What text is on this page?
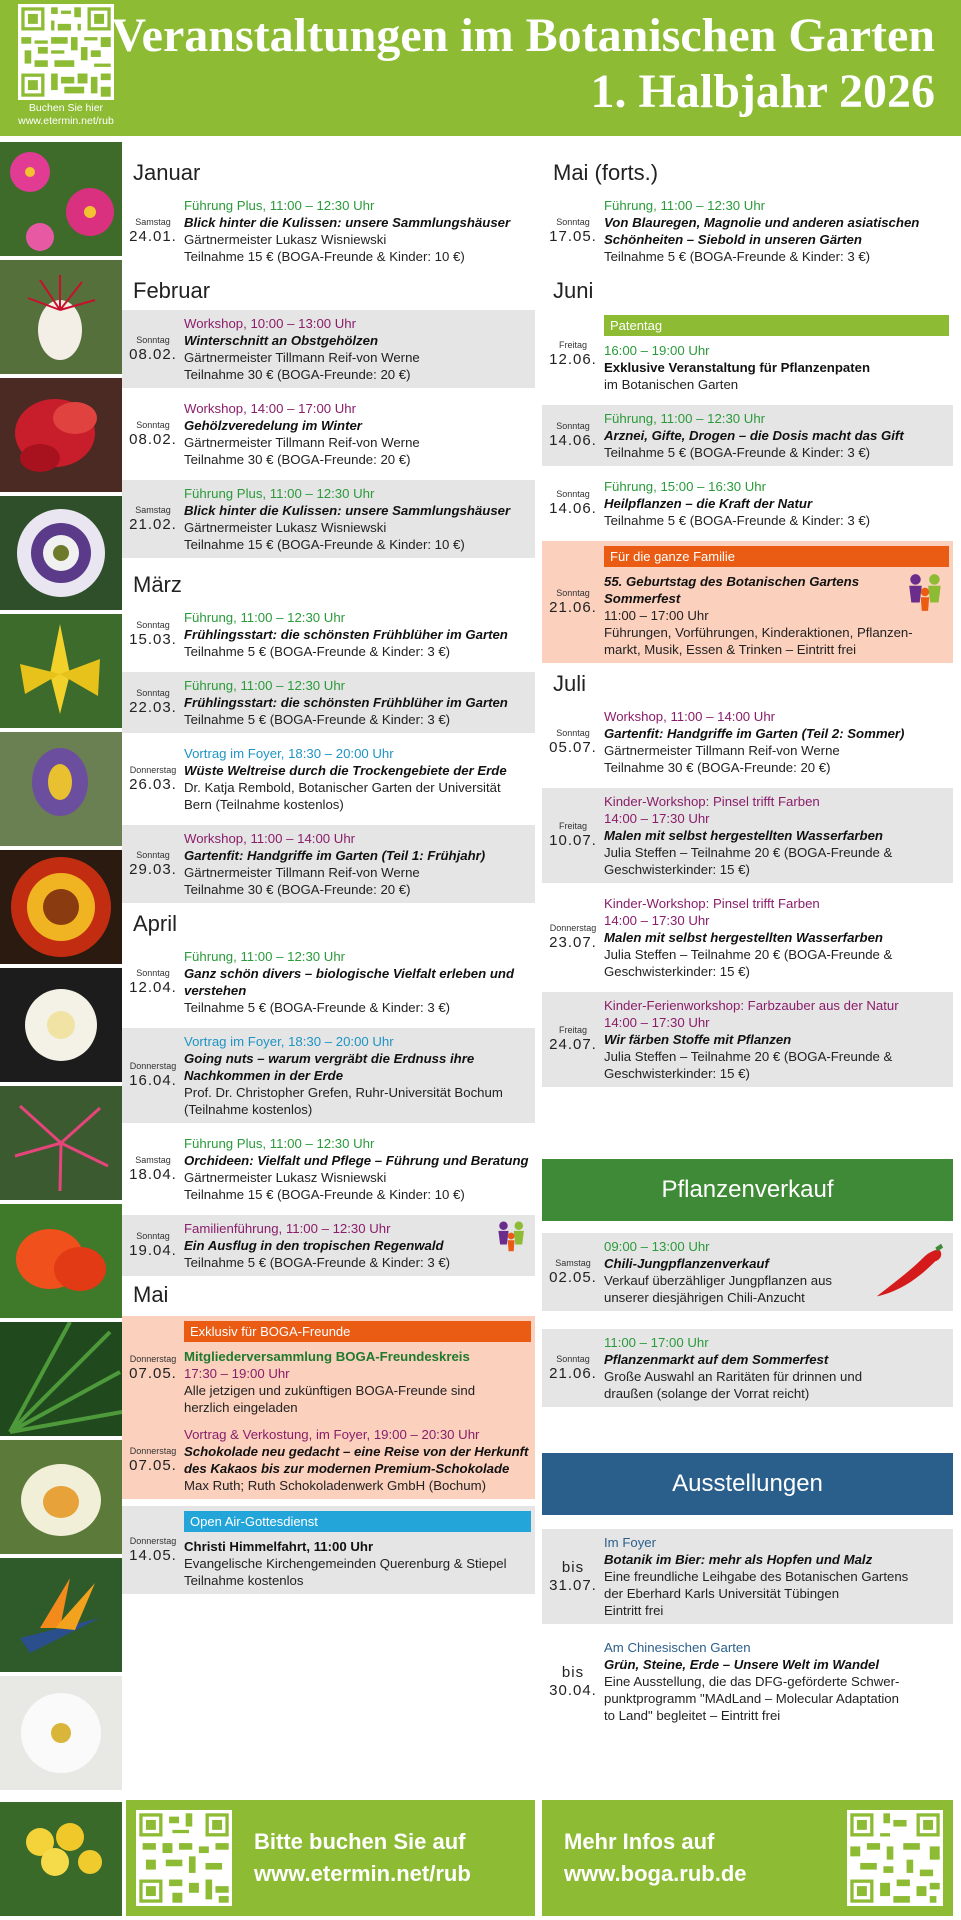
Buchen Sie hier
www.etermin.net/rub
Veranstaltungen im Botanischen Garten
1. Halbjahr 2026
Januar
Samstag
24.01.
Führung Plus, 11:00 – 12:30 Uhr
Blick hinter die Kulissen: unsere Sammlungshäuser
Gärtnermeister Lukasz Wisniewski
Teilnahme 15 € (BOGA-Freunde & Kinder: 10 €)
Februar
Sonntag
08.02.
Workshop, 10:00 – 13:00 Uhr
Winterschnitt an Obstgehölzen
Gärtnermeister Tillmann Reif-von Werne
Teilnahme 30 € (BOGA-Freunde: 20 €)
Sonntag
08.02.
Workshop, 14:00 – 17:00 Uhr
Gehölzveredelung im Winter
Gärtnermeister Tillmann Reif-von Werne
Teilnahme 30 € (BOGA-Freunde: 20 €)
Samstag
21.02.
Führung Plus, 11:00 – 12:30 Uhr
Blick hinter die Kulissen: unsere Sammlungshäuser
Gärtnermeister Lukasz Wisniewski
Teilnahme 15 € (BOGA-Freunde & Kinder: 10 €)
März
Sonntag
15.03.
Führung, 11:00 – 12:30 Uhr
Frühlingsstart: die schönsten Frühblüher im Garten
Teilnahme 5 € (BOGA-Freunde & Kinder: 3 €)
Sonntag
22.03.
Führung, 11:00 – 12:30 Uhr
Frühlingsstart: die schönsten Frühblüher im Garten
Teilnahme 5 € (BOGA-Freunde & Kinder: 3 €)
Donnerstag
26.03.
Vortrag im Foyer, 18:30 – 20:00 Uhr
Wüste Weltreise durch die Trockengebiete der Erde
Dr. Katja Rembold, Botanischer Garten der Universität
Bern (Teilnahme kostenlos)
Sonntag
29.03.
Workshop, 11:00 – 14:00 Uhr
Gartenfit: Handgriffe im Garten (Teil 1: Frühjahr)
Gärtnermeister Tillmann Reif-von Werne
Teilnahme 30 € (BOGA-Freunde: 20 €)
April
Sonntag
12.04.
Führung, 11:00 – 12:30 Uhr
Ganz schön divers – biologische Vielfalt erleben und verstehen
Teilnahme 5 € (BOGA-Freunde & Kinder: 3 €)
Donnerstag
16.04.
Vortrag im Foyer, 18:30 – 20:00 Uhr
Going nuts – warum vergräbt die Erdnuss ihre Nachkommen in der Erde
Prof. Dr. Christopher Grefen, Ruhr-Universität Bochum
(Teilnahme kostenlos)
Samstag
18.04.
Führung Plus, 11:00 – 12:30 Uhr
Orchideen: Vielfalt und Pflege – Führung und Beratung
Gärtnermeister Lukasz Wisniewski
Teilnahme 15 € (BOGA-Freunde & Kinder: 10 €)
Sonntag
19.04.
Familienführung, 11:00 – 12:30 Uhr
Ein Ausflug in den tropischen Regenwald
Teilnahme 5 € (BOGA-Freunde & Kinder: 3 €)
Mai
Donnerstag
07.05.
Exklusiv für BOGA-Freunde
Mitgliederversammlung BOGA-Freundeskreis
17:30 – 19:00 Uhr
Alle jetzigen und zukünftigen BOGA-Freunde sind
herzlich eingeladen
Donnerstag
07.05.
Vortrag & Verkostung, im Foyer, 19:00 – 20:30 Uhr
Schokolade neu gedacht – eine Reise von der Herkunft des Kakaos bis zur modernen Premium-Schokolade
Max Ruth; Ruth Schokoladenwerk GmbH (Bochum)
Donnerstag
14.05.
Open Air-Gottesdienst
Christi Himmelfahrt, 11:00 Uhr
Evangelische Kirchengemeinden Querenburg & Stiepel
Teilnahme kostenlos
Mai (forts.)
Sonntag
17.05.
Führung, 11:00 – 12:30 Uhr
Von Blauregen, Magnolie und anderen asiatischen Schönheiten – Siebold in unseren Gärten
Teilnahme 5 € (BOGA-Freunde & Kinder: 3 €)
Juni
Freitag
12.06.
Patentag
16:00 – 19:00 Uhr
Exklusive Veranstaltung für Pflanzenpaten
im Botanischen Garten
Sonntag
14.06.
Führung, 11:00 – 12:30 Uhr
Arznei, Gifte, Drogen – die Dosis macht das Gift
Teilnahme 5 € (BOGA-Freunde & Kinder: 3 €)
Sonntag
14.06.
Führung, 15:00 – 16:30 Uhr
Heilpflanzen – die Kraft der Natur
Teilnahme 5 € (BOGA-Freunde & Kinder: 3 €)
Sonntag
21.06.
Für die ganze Familie
55. Geburtstag des Botanischen Gartens Sommerfest
11:00 – 17:00 Uhr
Führungen, Vorführungen, Kinderaktionen, Pflanzen-
markt, Musik, Essen & Trinken – Eintritt frei
Juli
Sonntag
05.07.
Workshop, 11:00 – 14:00 Uhr
Gartenfit: Handgriffe im Garten (Teil 2: Sommer)
Gärtnermeister Tillmann Reif-von Werne
Teilnahme 30 € (BOGA-Freunde: 20 €)
Freitag
10.07.
Kinder-Workshop: Pinsel trifft Farben
14:00 – 17:30 Uhr
Malen mit selbst hergestellten Wasserfarben
Julia Steffen – Teilnahme 20 € (BOGA-Freunde &
Geschwisterkinder: 15 €)
Donnerstag
23.07.
Kinder-Workshop: Pinsel trifft Farben
14:00 – 17:30 Uhr
Malen mit selbst hergestellten Wasserfarben
Julia Steffen – Teilnahme 20 € (BOGA-Freunde &
Geschwisterkinder: 15 €)
Freitag
24.07.
Kinder-Ferienworkshop: Farbzauber aus der Natur
14:00 – 17:30 Uhr
Wir färben Stoffe mit Pflanzen
Julia Steffen – Teilnahme 20 € (BOGA-Freunde &
Geschwisterkinder: 15 €)
Pflanzenverkauf
Samstag
02.05.
09:00 – 13:00 Uhr
Chili-Jungpflanzenverkauf
Verkauf überzähliger Jungpflanzen aus
unserer diesjährigen Chili-Anzucht
Sonntag
21.06.
11:00 – 17:00 Uhr
Pflanzenmarkt auf dem Sommerfest
Große Auswahl an Raritäten für drinnen und
draußen (solange der Vorrat reicht)
Ausstellungen
bis
31.07.
Im Foyer
Botanik im Bier: mehr als Hopfen und Malz
Eine freundliche Leihgabe des Botanischen Gartens
der Eberhard Karls Universität Tübingen
Eintritt frei
bis
30.04.
Am Chinesischen Garten
Grün, Steine, Erde – Unsere Welt im Wandel
Eine Ausstellung, die das DFG-geförderte Schwer-
punktprogramm "MAdLand – Molecular Adaptation
to Land" begleitet – Eintritt frei
Bitte buchen Sie auf
www.etermin.net/rub
Mehr Infos auf
www.boga.rub.de
